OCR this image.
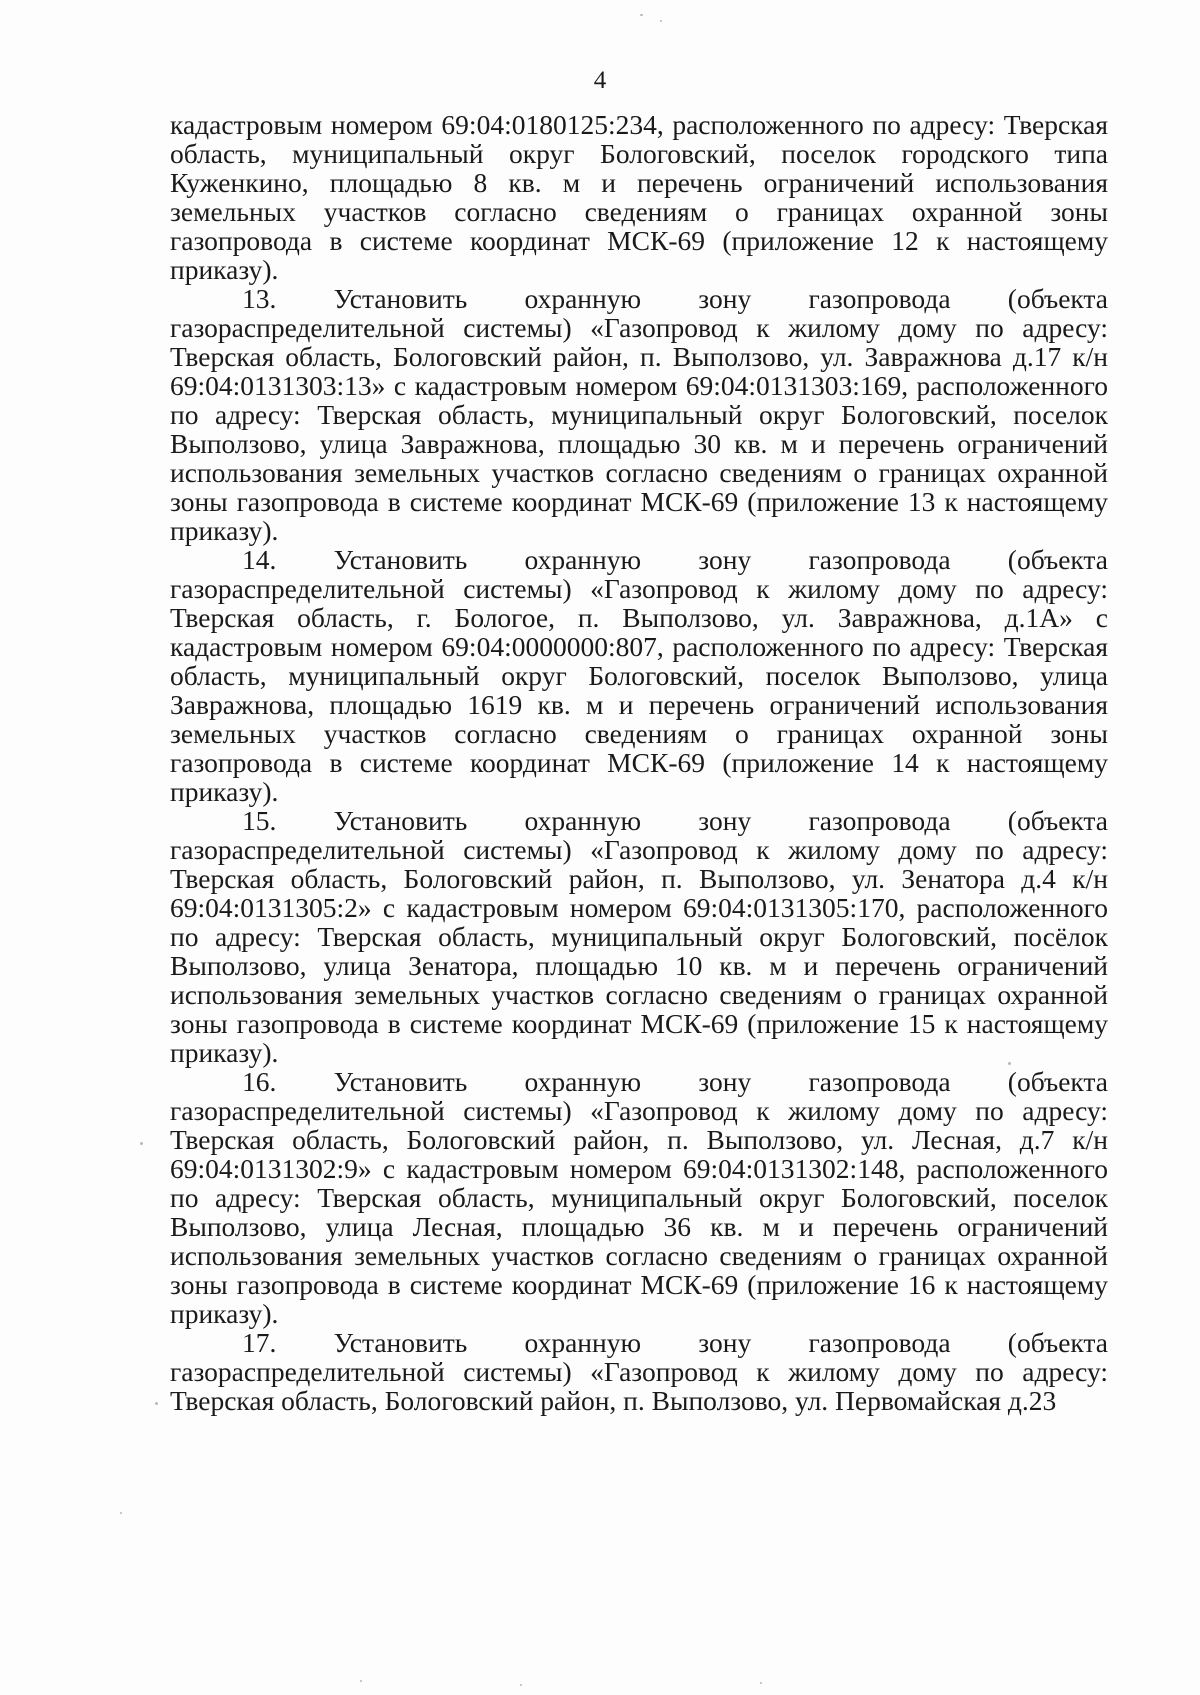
4

кадастровым номером 69:04:0180125:234, расположенного по адресу: Тверская область, муниципальный округ Бологовский, поселок городского типа Куженкино, площадью 8 кв. м и перечень ограничений использования земельных участков согласно сведениям о границах охранной зоны газопровода в системе координат МСК-69 (приложение 12 к настоящему приказу).

13. Установить охранную зону газопровода (объекта газораспределительной системы) «Газопровод к жилому дому по адресу: Тверская область, Бологовский район, п. Выползово, ул. Завражнова д.17 к/н 69:04:0131303:13» с кадастровым номером 69:04:0131303:169, расположенного по адресу: Тверская область, муниципальный округ Бологовский, поселок Выползово, улица Завражнова, площадью 30 кв. м и перечень ограничений использования земельных участков согласно сведениям о границах охранной зоны газопровода в системе координат МСК-69 (приложение 13 к настоящему приказу).

14. Установить охранную зону газопровода (объекта газораспределительной системы) «Газопровод к жилому дому по адресу: Тверская область, г. Бологое, п. Выползово, ул. Завражнова, д.1А» с кадастровым номером 69:04:0000000:807, расположенного по адресу: Тверская область, муниципальный округ Бологовский, поселок Выползово, улица Завражнова, площадью 1619 кв. м и перечень ограничений использования земельных участков согласно сведениям о границах охранной зоны газопровода в системе координат МСК-69 (приложение 14 к настоящему приказу).

15. Установить охранную зону газопровода (объекта газораспределительной системы) «Газопровод к жилому дому по адресу: Тверская область, Бологовский район, п. Выползово, ул. Зенатора д.4 к/н 69:04:0131305:2» с кадастровым номером 69:04:0131305:170, расположенного по адресу: Тверская область, муниципальный округ Бологовский, посёлок Выползово, улица Зенатора, площадью 10 кв. м и перечень ограничений использования земельных участков согласно сведениям о границах охранной зоны газопровода в системе координат МСК-69 (приложение 15 к настоящему приказу).

16. Установить охранную зону газопровода (объекта газораспределительной системы) «Газопровод к жилому дому по адресу: Тверская область, Бологовский район, п. Выползово, ул. Лесная, д.7 к/н 69:04:0131302:9» с кадастровым номером 69:04:0131302:148, расположенного по адресу: Тверская область, муниципальный округ Бологовский, поселок Выползово, улица Лесная, площадью 36 кв. м и перечень ограничений использования земельных участков согласно сведениям о границах охранной зоны газопровода в системе координат МСК-69 (приложение 16 к настоящему приказу).

17. Установить охранную зону газопровода (объекта газораспределительной системы) «Газопровод к жилому дому по адресу: Тверская область, Бологовский район, п. Выползово, ул. Первомайская д.23
